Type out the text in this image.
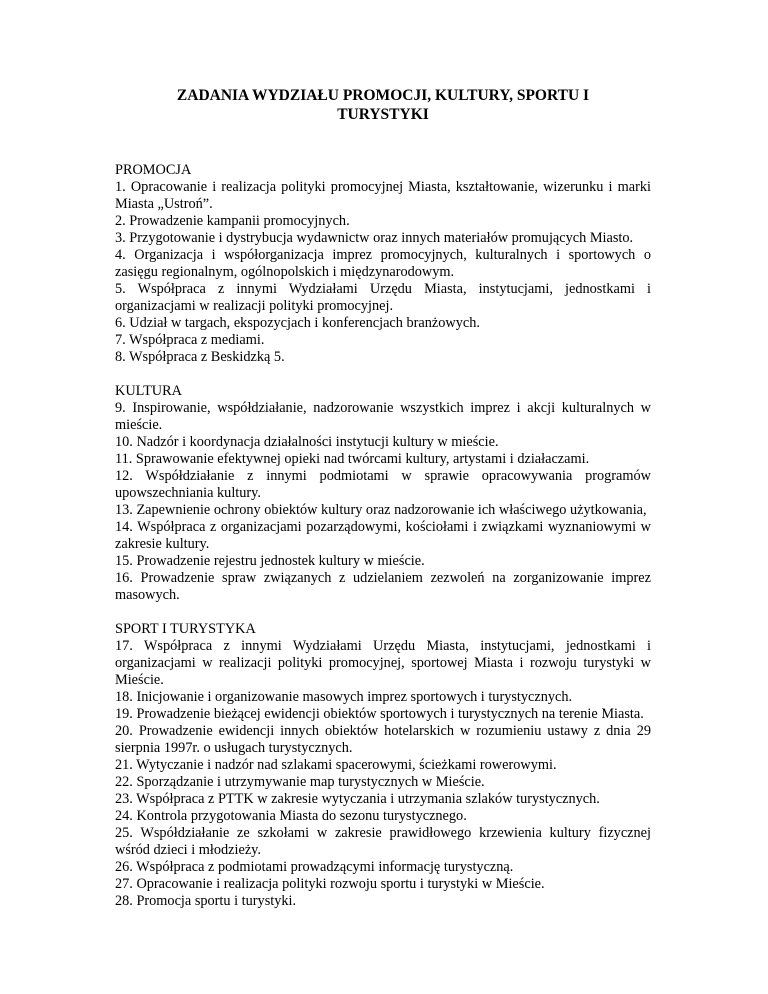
ZADANIA WYDZIAŁU PROMOCJI, KULTURY, SPORTU I TURYSTYKI
PROMOCJA
1. Opracowanie i realizacja polityki promocyjnej Miasta, kształtowanie, wizerunku i marki Miasta „Ustroń”.
2. Prowadzenie kampanii promocyjnych.
3. Przygotowanie i dystrybucja wydawnictw oraz innych materiałów promujących Miasto.
4. Organizacja i współorganizacja imprez promocyjnych, kulturalnych i sportowych o zasięgu regionalnym, ogólnopolskich i międzynarodowym.
5. Współpraca z innymi Wydziałami Urzędu Miasta, instytucjami, jednostkami i organizacjami w realizacji polityki promocyjnej.
6. Udział w targach, ekspozycjach i konferencjach branżowych.
7. Współpraca z mediami.
8. Współpraca z Beskidzką 5.
KULTURA
9. Inspirowanie, współdziałanie, nadzorowanie wszystkich imprez i akcji kulturalnych w mieście.
10. Nadzór i koordynacja działalności instytucji kultury w mieście.
11. Sprawowanie efektywnej opieki nad twórcami kultury, artystami i działaczami.
12. Współdziałanie z innymi podmiotami w sprawie opracowywania programów upowszechniania kultury.
13. Zapewnienie ochrony obiektów kultury oraz nadzorowanie ich właściwego użytkowania,
14. Współpraca z organizacjami pozarządowymi, kościołami i związkami wyznaniowymi w zakresie kultury.
15. Prowadzenie rejestru jednostek kultury w mieście.
16. Prowadzenie spraw związanych z udzielaniem zezwoleń na zorganizowanie imprez masowych.
SPORT I TURYSTYKA
17. Współpraca z innymi Wydziałami Urzędu Miasta, instytucjami, jednostkami i organizacjami w realizacji polityki promocyjnej, sportowej Miasta i rozwoju turystyki w Mieście.
18. Inicjowanie i organizowanie masowych imprez sportowych i turystycznych.
19. Prowadzenie bieżącej ewidencji obiektów sportowych i turystycznych na terenie Miasta.
20. Prowadzenie ewidencji innych obiektów hotelarskich w rozumieniu ustawy z dnia 29 sierpnia 1997r. o usługach turystycznych.
21. Wytyczanie i nadzór nad szlakami spacerowymi, ścieżkami rowerowymi.
22. Sporządzanie i utrzymywanie map turystycznych w Mieście.
23. Współpraca z PTTK w zakresie wytyczania i utrzymania szlaków turystycznych.
24. Kontrola przygotowania Miasta do sezonu turystycznego.
25. Współdziałanie ze szkołami w zakresie prawidłowego krzewienia kultury fizycznej wśród dzieci i młodzieży.
26. Współpraca z podmiotami prowadzącymi informację turystyczną.
27. Opracowanie i realizacja polityki rozwoju sportu i turystyki w Mieście.
28. Promocja sportu i turystyki.
